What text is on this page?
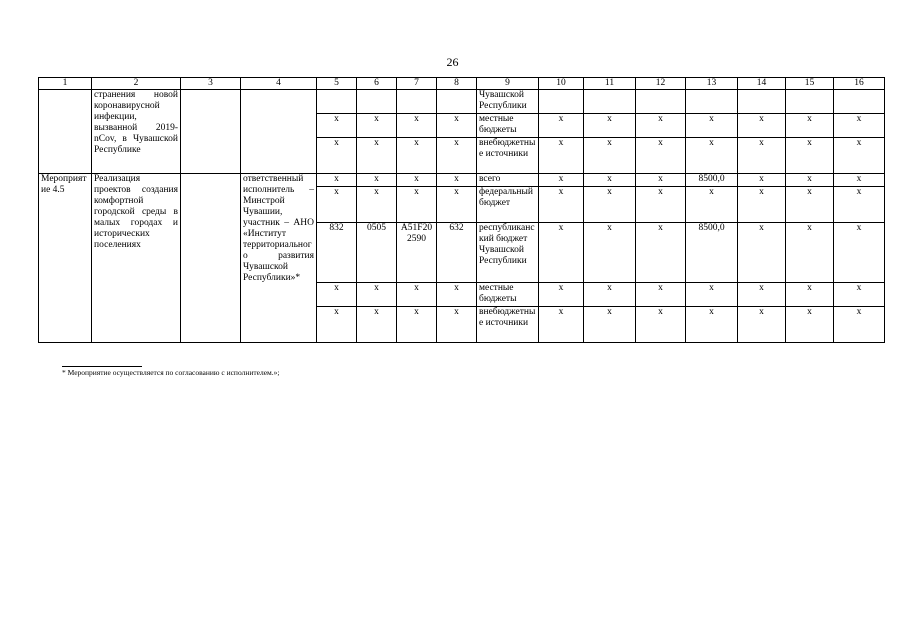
26
1	2	3	4	5	6	7	8	9	10	11	12	13	14	15	16
	странения новой коронавирусной инфекции, вызванной 2019-nCov, в Чувашской Республике							Чувашской Республики							
				x	x	x	x	местные бюджеты	x	x	x	x	x	x	x
				x	x	x	x	внебюджетные источники	x	x	x	x	x	x	x
Мероприятие 4.5	Реализация проектов создания комфортной городской среды в малых городах и исторических поселениях		ответственный исполнитель – Минстрой Чувашии, участник – АНО «Институт территориального развития Чувашской Республики»*	x	x	x	x	всего	x	x	x	8500,0	x	x	x
				x	x	x	x	федеральный бюджет	x	x	x	x	x	x	x
				832	0505	A51F20 2590	632	республиканский бюджет Чувашской Республики	x	x	x	8500,0	x	x	x
				x	x	x	x	местные бюджеты	x	x	x	x	x	x	x
				x	x	x	x	внебюджетные источники	x	x	x	x	x	x	x
* Мероприятие осуществляется по согласованию с исполнителем.»;
